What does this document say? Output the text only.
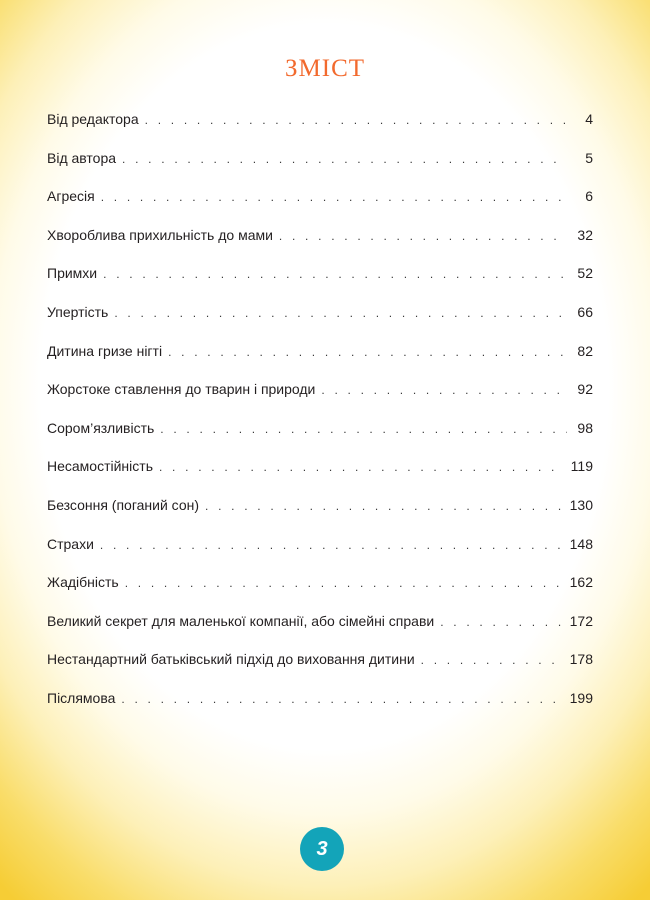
ЗМІСТ
Від редактора . . .	4
Від автора . . .	5
Агресія . . .	6
Хвороблива прихильність до мами . . .	32
Примхи . . .	52
Упертість . . .	66
Дитина гризе нігті . . .	82
Жорстоке ставлення до тварин і природи . . .	92
Сором’язливість . . .	98
Несамостійність . . .	119
Безсоння (поганий сон) . . .	130
Страхи . . .	148
Жадібність . . .	162
Великий секрет для маленької компанії, або сімейні справи . . .	172
Нестандартний батьківський підхід до виховання дитини . . .	178
Післямова . . .	199
3
